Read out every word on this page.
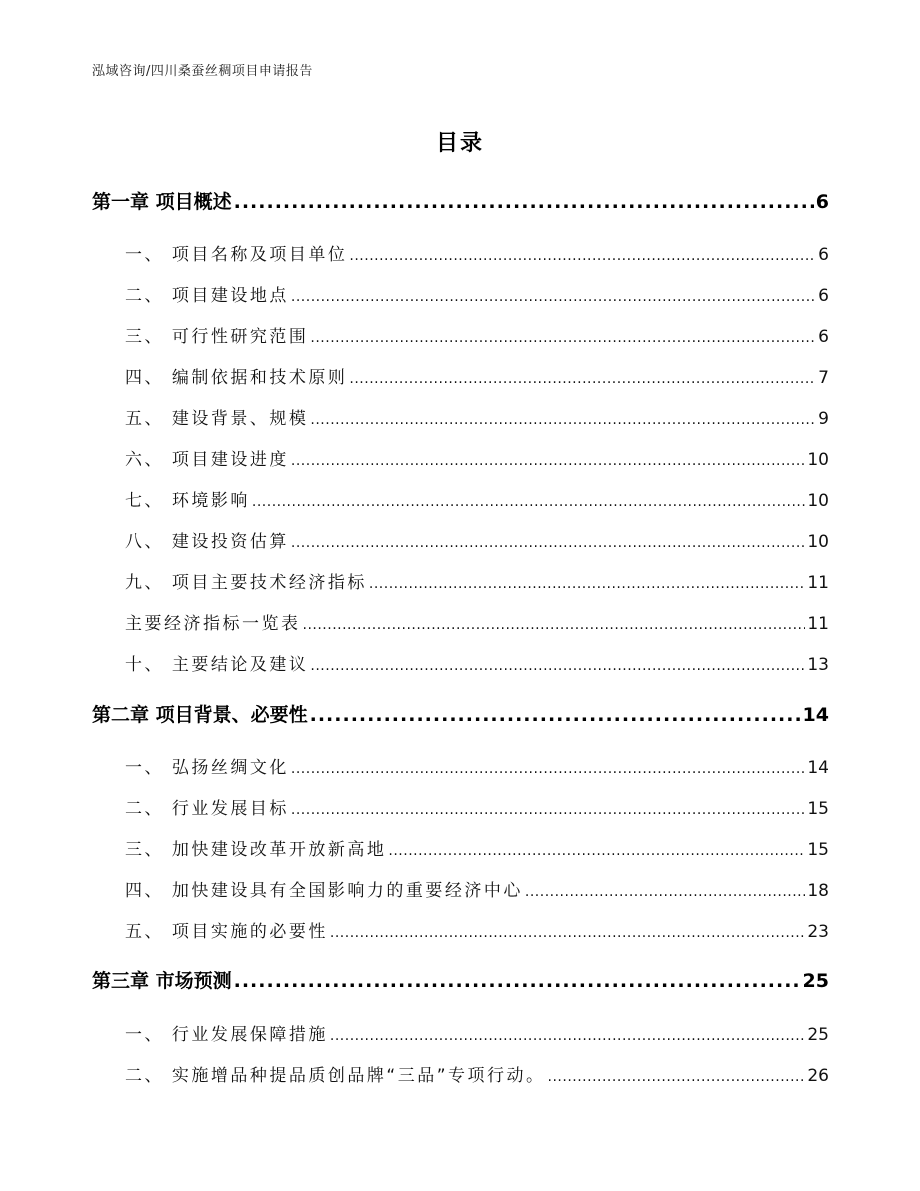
泓域咨询/四川桑蚕丝稠项目申请报告
目录
第一章 项目概述 .....	6
一、 项目名称及项目单位 .....	6
二、 项目建设地点 .....	6
三、 可行性研究范围 .....	6
四、 编制依据和技术原则 .....	7
五、 建设背景、规模 .....	9
六、 项目建设进度 .....	10
七、 环境影响 .....	10
八、 建设投资估算 .....	10
九、 项目主要技术经济指标 .....	11
主要经济指标一览表 .....	11
十、 主要结论及建议 .....	13
第二章 项目背景、必要性 .....	14
一、 弘扬丝绸文化 .....	14
二、 行业发展目标 .....	15
三、 加快建设改革开放新高地 .....	15
四、 加快建设具有全国影响力的重要经济中心 .....	18
五、 项目实施的必要性 .....	23
第三章 市场预测 .....	25
一、 行业发展保障措施 .....	25
二、 实施增品种提品质创品牌“三品”专项行动。 .....	26
